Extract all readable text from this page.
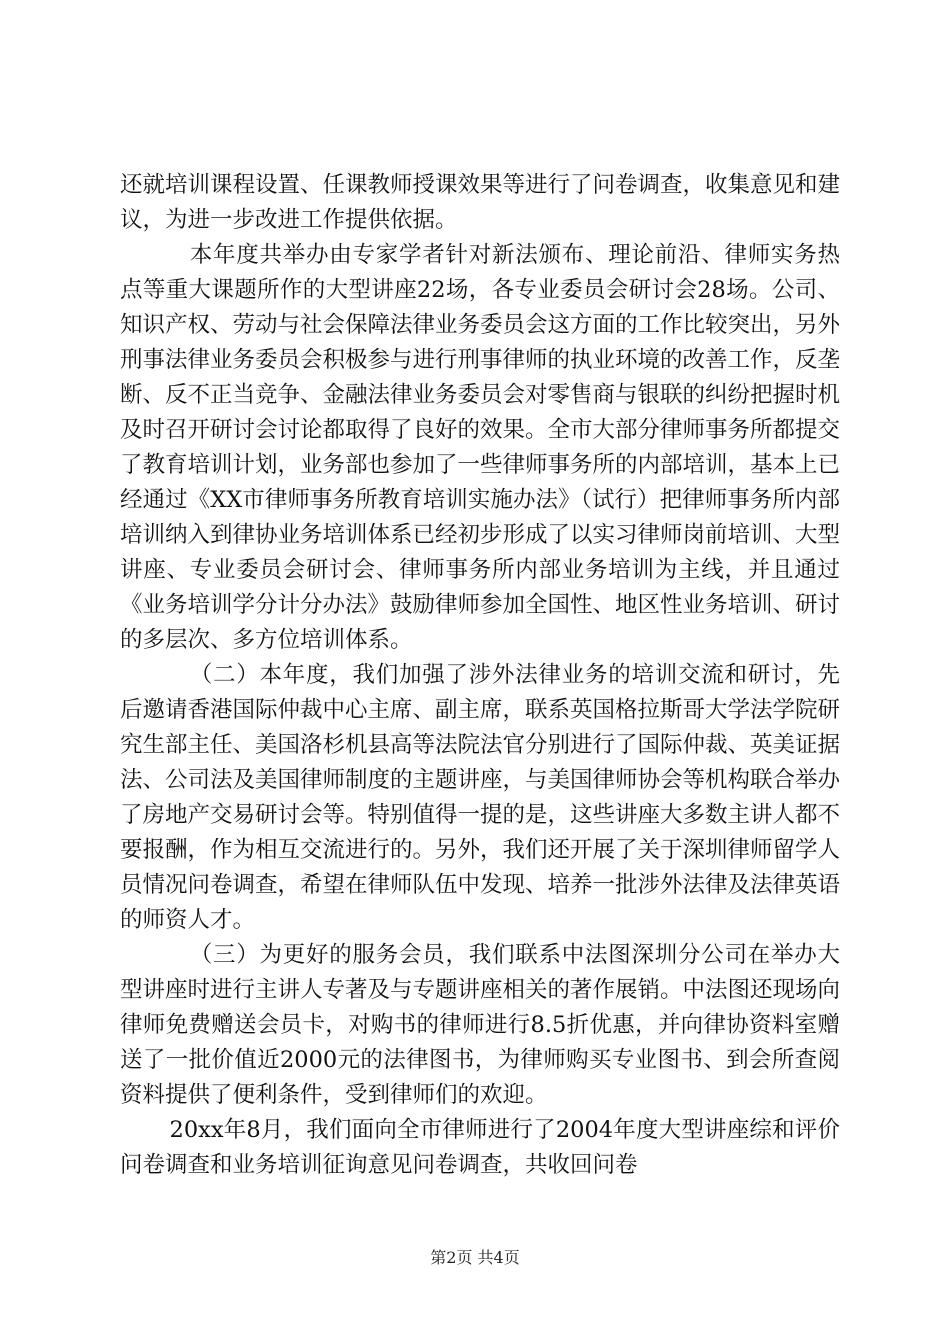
还就培训课程设置、任课教师授课效果等进行了问卷调查，收集意见和建议，为进一步改进工作提供依据。

本年度共举办由专家学者针对新法颁布、理论前沿、律师实务热点等重大课题所作的大型讲座22场，各专业委员会研讨会28场。公司、知识产权、劳动与社会保障法律业务委员会这方面的工作比较突出，另外刑事法律业务委员会积极参与进行刑事律师的执业环境的改善工作，反垄断、反不正当竞争、金融法律业务委员会对零售商与银联的纠纷把握时机及时召开研讨会讨论都取得了良好的效果。全市大部分律师事务所都提交了教育培训计划，业务部也参加了一些律师事务所的内部培训，基本上已经通过《XX市律师事务所教育培训实施办法》（试行）把律师事务所内部培训纳入到律协业务培训体系已经初步形成了以实习律师岗前培训、大型讲座、专业委员会研讨会、律师事务所内部业务培训为主线，并且通过《业务培训学分计分办法》鼓励律师参加全国性、地区性业务培训、研讨的多层次、多方位培训体系。

（二）本年度，我们加强了涉外法律业务的培训交流和研讨，先后邀请香港国际仲裁中心主席、副主席，联系英国格拉斯哥大学法学院研究生部主任、美国洛杉机县高等法院法官分别进行了国际仲裁、英美证据法、公司法及美国律师制度的主题讲座，与美国律师协会等机构联合举办了房地产交易研讨会等。特别值得一提的是，这些讲座大多数主讲人都不要报酬，作为相互交流进行的。另外，我们还开展了关于深圳律师留学人员情况问卷调查，希望在律师队伍中发现、培养一批涉外法律及法律英语的师资人才。

（三）为更好的服务会员，我们联系中法图深圳分公司在举办大型讲座时进行主讲人专著及与专题讲座相关的著作展销。中法图还现场向律师免费赠送会员卡，对购书的律师进行8.5折优惠，并向律协资料室赠送了一批价值近2000元的法律图书，为律师购买专业图书、到会所查阅资料提供了便利条件，受到律师们的欢迎。

20xx年8月，我们面向全市律师进行了2004年度大型讲座综和评价问卷调查和业务培训征询意见问卷调查，共收回问卷

第2页 共4页
